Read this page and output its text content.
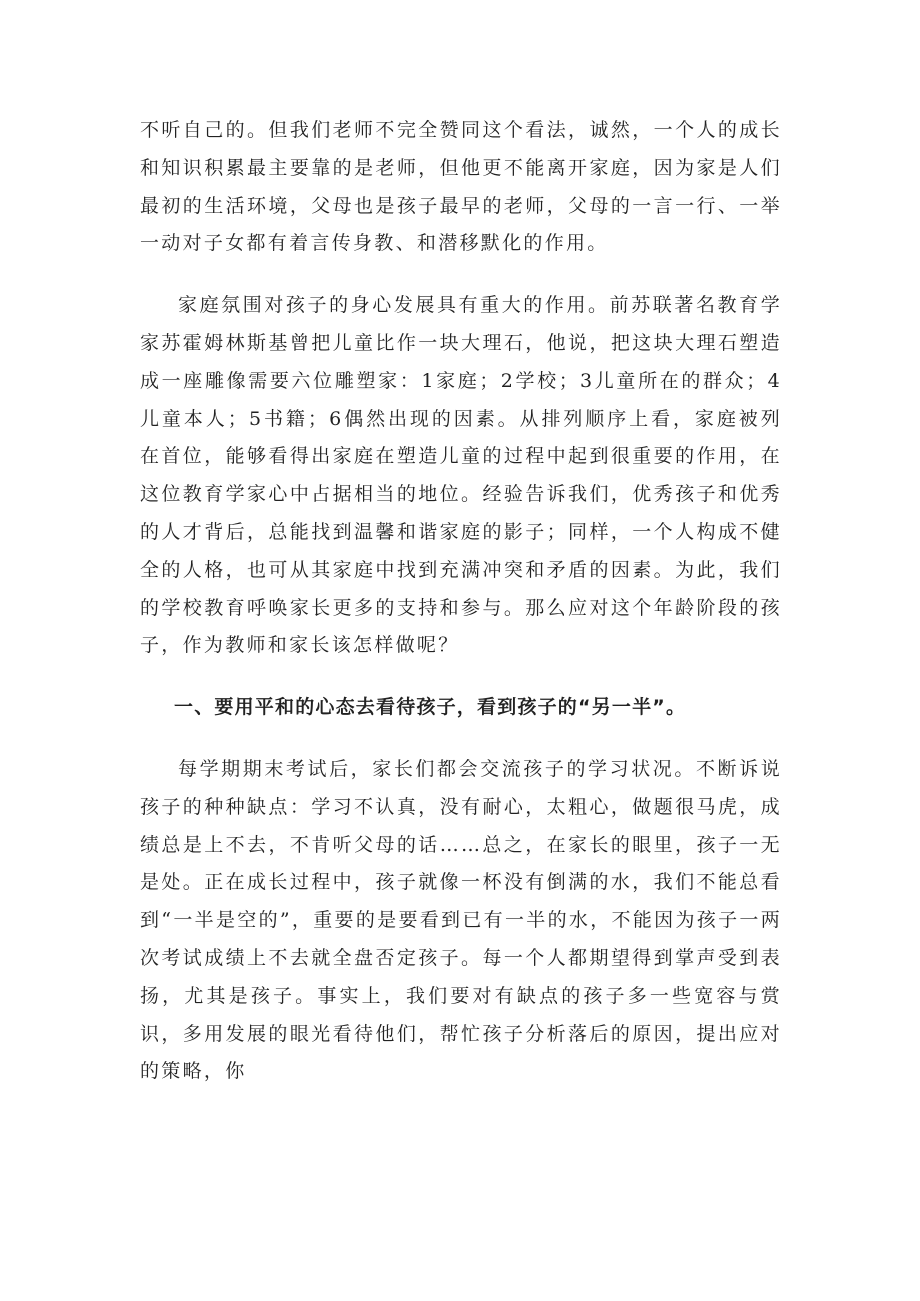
不听自己的。但我们老师不完全赞同这个看法，诚然，一个人的成长和知识积累最主要靠的是老师，但他更不能离开家庭，因为家是人们最初的生活环境，父母也是孩子最早的老师，父母的一言一行、一举一动对子女都有着言传身教、和潜移默化的作用。

家庭氛围对孩子的身心发展具有重大的作用。前苏联著名教育学家苏霍姆林斯基曾把儿童比作一块大理石，他说，把这块大理石塑造成一座雕像需要六位雕塑家：1家庭；2学校；3儿童所在的群众；4儿童本人；5书籍；6偶然出现的因素。从排列顺序上看，家庭被列在首位，能够看得出家庭在塑造儿童的过程中起到很重要的作用，在这位教育学家心中占据相当的地位。经验告诉我们，优秀孩子和优秀的人才背后，总能找到温馨和谐家庭的影子；同样，一个人构成不健全的人格，也可从其家庭中找到充满冲突和矛盾的因素。为此，我们的学校教育呼唤家长更多的支持和参与。那么应对这个年龄阶段的孩子，作为教师和家长该怎样做呢？

一、要用平和的心态去看待孩子，看到孩子的“另一半”。

每学期期末考试后，家长们都会交流孩子的学习状况。不断诉说孩子的种种缺点：学习不认真，没有耐心，太粗心，做题很马虎，成绩总是上不去，不肯听父母的话……总之，在家长的眼里，孩子一无是处。正在成长过程中，孩子就像一杯没有倒满的水，我们不能总看到“一半是空的”，重要的是要看到已有一半的水，不能因为孩子一两次考试成绩上不去就全盘否定孩子。每一个人都期望得到掌声受到表扬，尤其是孩子。事实上，我们要对有缺点的孩子多一些宽容与赏识，多用发展的眼光看待他们，帮忙孩子分析落后的原因，提出应对的策略，你
